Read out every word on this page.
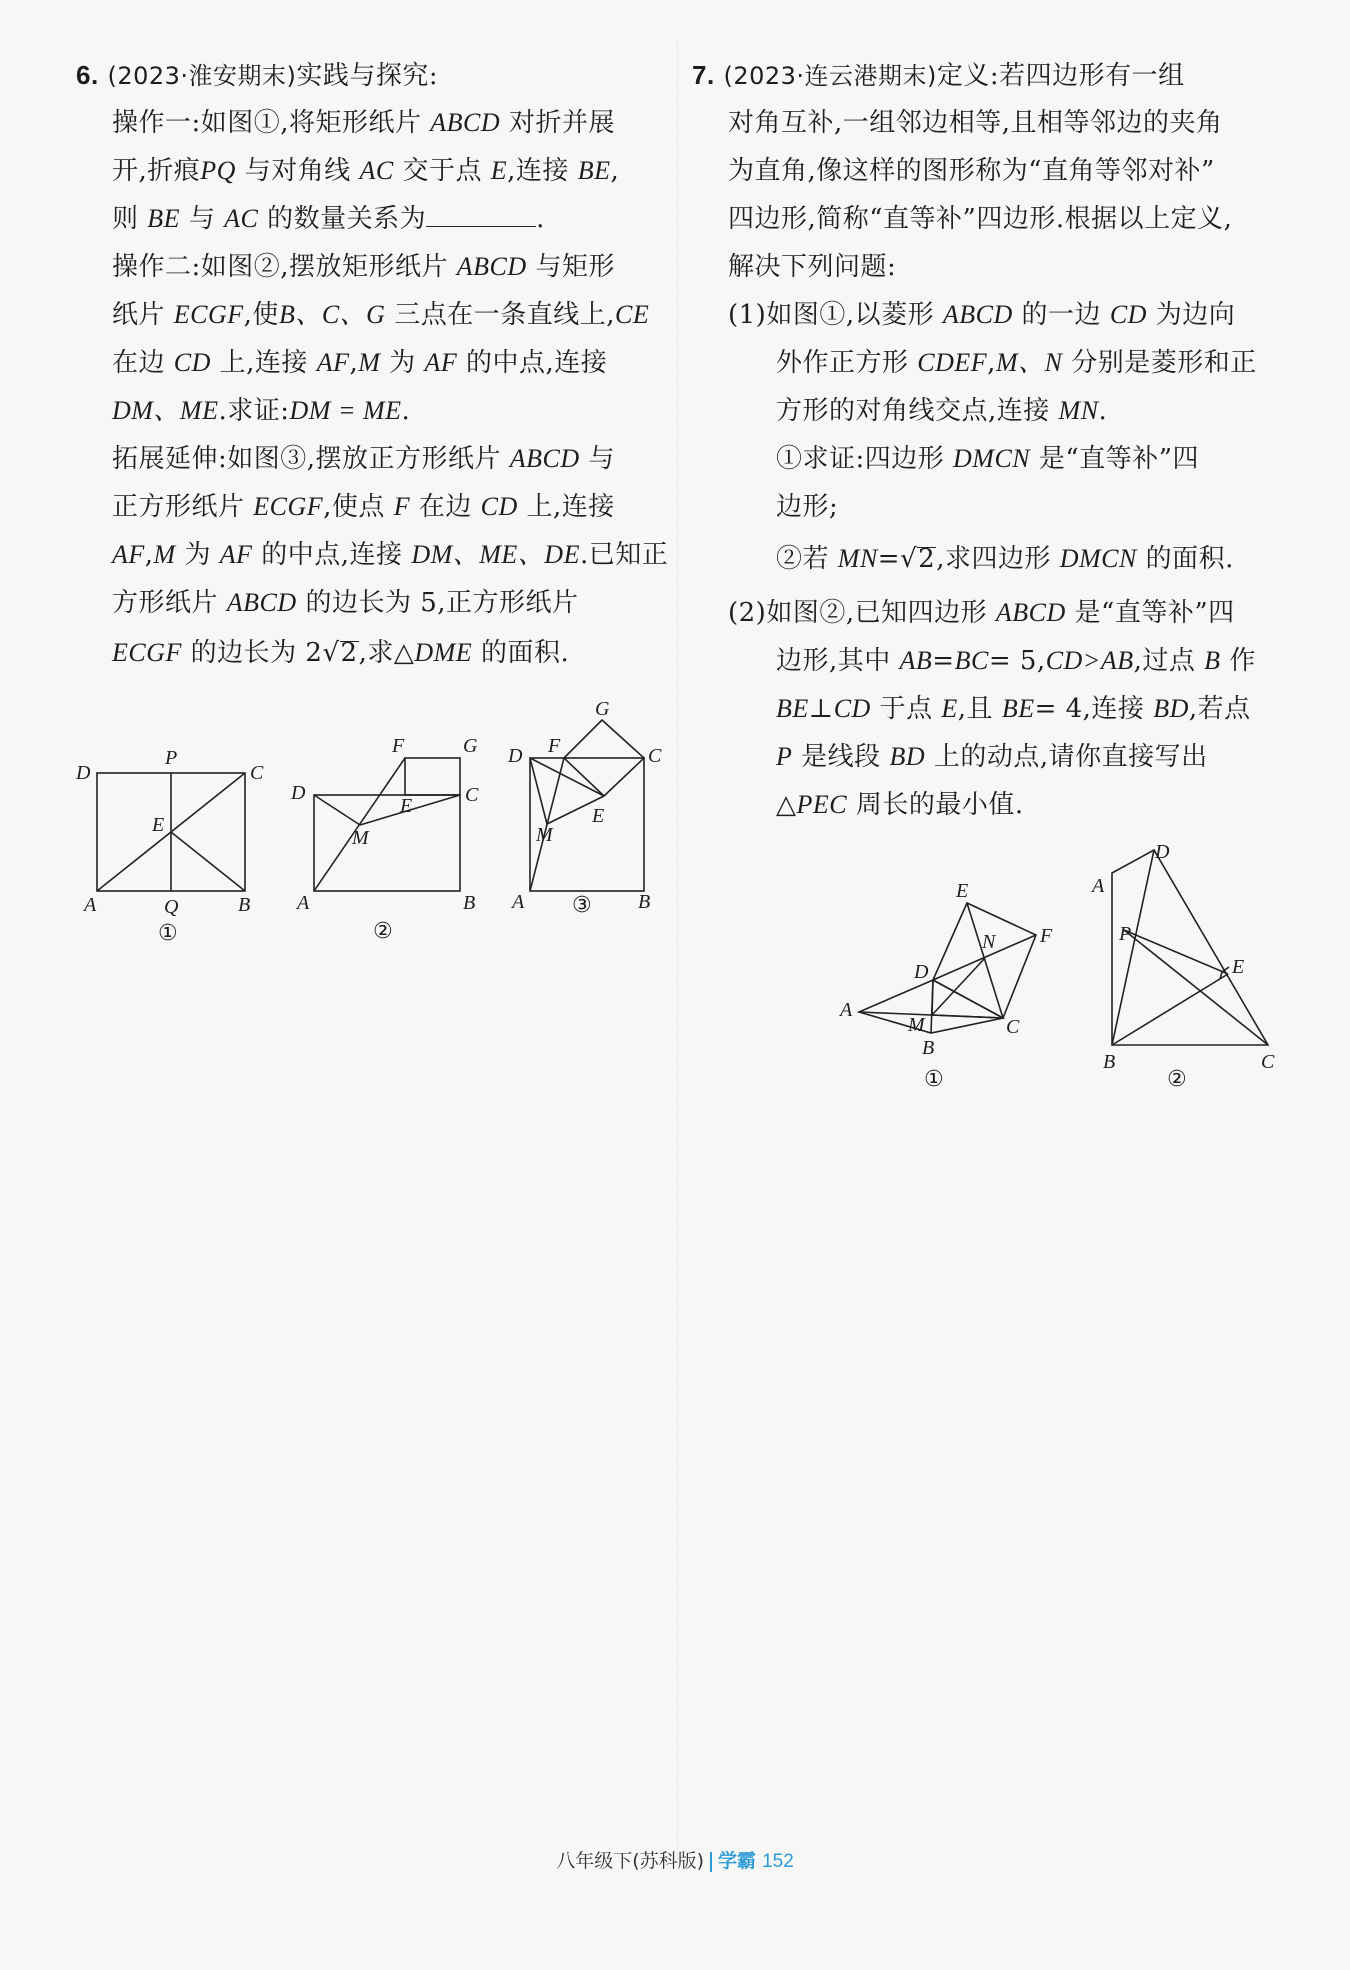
6. (2023·淮安期末)实践与探究:
操作一:如图①,将矩形纸片 ABCD 对折并展
开,折痕PQ 与对角线 AC 交于点 E,连接 BE,
则 BE 与 AC 的数量关系为	.
操作二:如图②,摆放矩形纸片 ABCD 与矩形
纸片 ECGF,使B、C、G 三点在一条直线上,CE
在边 CD 上,连接 AF,M 为 AF 的中点,连接
DM、ME.求证:DM = ME.
拓展延伸:如图③,摆放正方形纸片 ABCD 与
正方形纸片 ECGF,使点 F 在边 CD 上,连接
AF,M 为 AF 的中点,连接 DM、ME、DE.已知正
方形纸片 ABCD 的边长为 5,正方形纸片
ECGF 的边长为 2√2,求△DME 的面积.
D
P
C
E
A	Q	B
①
F	G
D	C
E
M
A	B
②
G
D F	C
M
E
A	B
③
7. (2023·连云港期末)定义:若四边形有一组
对角互补,一组邻边相等,且相等邻边的夹角
为直角,像这样的图形称为“直角等邻对补”
四边形,简称“直等补”四边形.根据以上定义,
解决下列问题:
(1)如图①,以菱形 ABCD 的一边 CD 为边向
外作正方形 CDEF,M、N 分别是菱形和正
方形的对角线交点,连接 MN.
①求证:四边形 DMCN 是“直等补”四
边形;
②若 MN=√2,求四边形 DMCN 的面积.
(2)如图②,已知四边形 ABCD 是“直等补”四
边形,其中 AB=BC= 5,CD>AB,过点 B 作
BE⊥CD 于点 E,且 BE= 4,连接 BD,若点
P 是线段 BD 上的动点,请你直接写出
△PEC 周长的最小值.
E
N F
D
A
M	C
B
①
D
A
P
E
B	C
②
八年级下(苏科版) 学霸 152
